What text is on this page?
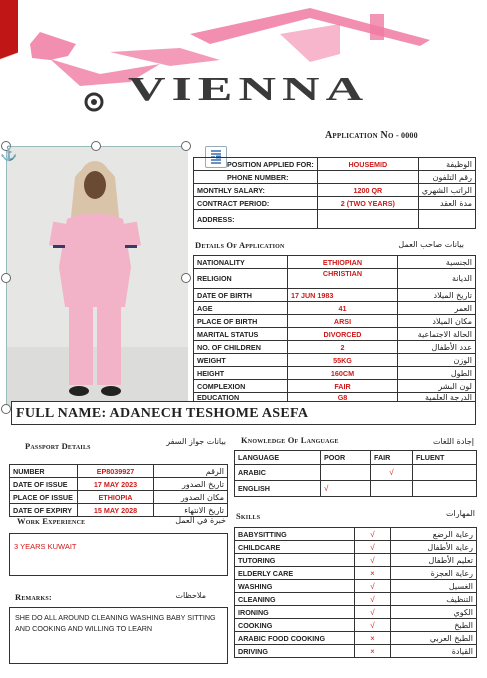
VIENNA
Application No - 0000
⚓
POSITION APPLIED FOR:	HOUSEMID	الوظيفة
PHONE NUMBER:		رقم التلفون
MONTHLY SALARY:	1200 QR	الراتب الشهري
CONTRACT PERIOD:	2 (TWO YEARS)	مدة العقد
ADDRESS:		
Details Of Application	بيانات صاحب العمل
NATIONALITY	ETHIOPIAN	الجنسية
RELIGION	CHRISTIAN	الديانة
DATE OF BIRTH	17 JUN 1983	تاريخ الميلاد
AGE	41	العمر
PLACE OF BIRTH	ARSI	مكان الميلاد
MARITAL STATUS	DIVORCED	الحالة الاجتماعية
NO. OF CHILDREN	2	عدد الأطفال
WEIGHT	55KG	الوزن
HEIGHT	160CM	الطول
COMPLEXION	FAIR	لون البشر
EDUCATION	G8	الدرجة العلمية
FULL NAME: ADANECH TESHOME ASEFA
Passport Details	بيانات جواز السفر
NUMBER	EP8039927	الرقم
DATE OF ISSUE	17 MAY 2023	تاريخ الصدور
PLACE OF ISSUE	ETHIOPIA	مكان الصدور
DATE OF EXPIRY	15 MAY 2028	تاريخ الانتهاء
Knowledge Of Language	إجادة اللغات
LANGUAGE	POOR	FAIR	FLUENT
ARABIC		√	
ENGLISH	√		
Work Experience	خبرة في العمل
3 YEARS KUWAIT
Remarks:	ملاحظات
SHE DO ALL AROUND CLEANING WASHING BABY SITTING AND COOKING AND WILLING TO LEARN
Skills	المهارات
BABYSITTING	√	رعاية الرضع
CHILDCARE	√	رعاية الأطفال
TUTORING	√	تعليم الأطفال
ELDERLY CARE	×	رعاية العجزة
WASHING	√	الغسيل
CLEANING	√	التنظيف
IRONING	√	الكوي
COOKING	√	الطبخ
ARABIC FOOD COOKING	×	الطبخ العربي
DRIVING	×	القيادة
